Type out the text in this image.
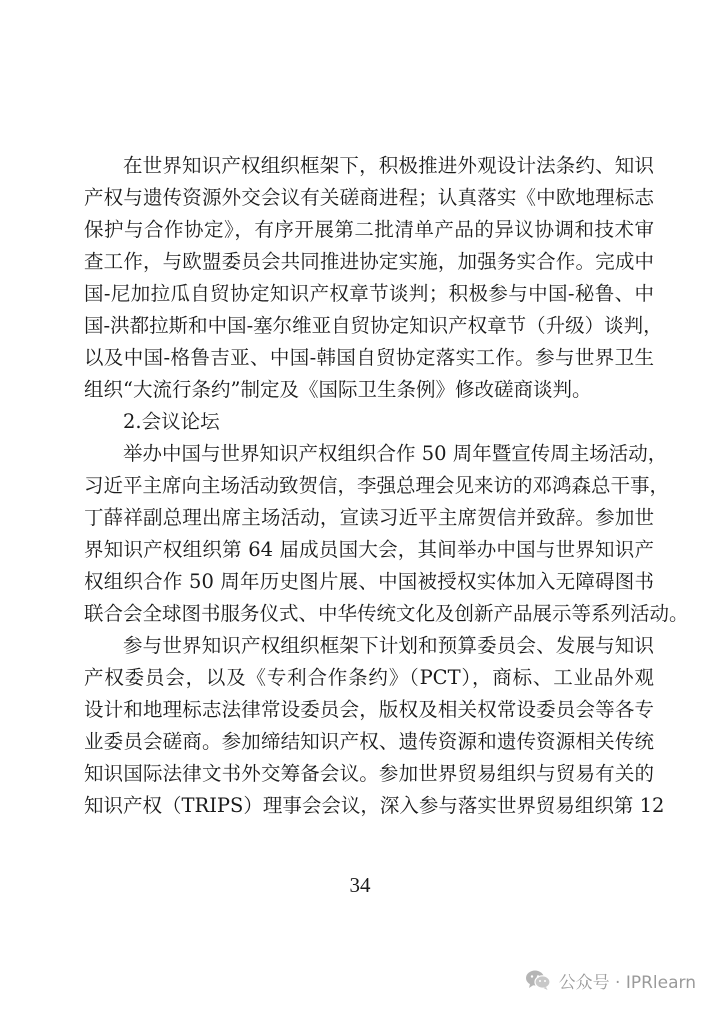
在世界知识产权组织框架下，积极推进外观设计法条约、知识
产权与遗传资源外交会议有关磋商进程；认真落实《中欧地理标志
保护与合作协定》，有序开展第二批清单产品的异议协调和技术审
查工作，与欧盟委员会共同推进协定实施，加强务实合作。完成中
国-尼加拉瓜自贸协定知识产权章节谈判；积极参与中国-秘鲁、中
国-洪都拉斯和中国-塞尔维亚自贸协定知识产权章节（升级）谈判，
以及中国-格鲁吉亚、中国-韩国自贸协定落实工作。参与世界卫生
组织“大流行条约”制定及《国际卫生条例》修改磋商谈判。
2.会议论坛
举办中国与世界知识产权组织合作 50 周年暨宣传周主场活动，
习近平主席向主场活动致贺信，李强总理会见来访的邓鸿森总干事，
丁薛祥副总理出席主场活动，宣读习近平主席贺信并致辞。参加世
界知识产权组织第 64 届成员国大会，其间举办中国与世界知识产
权组织合作 50 周年历史图片展、中国被授权实体加入无障碍图书
联合会全球图书服务仪式、中华传统文化及创新产品展示等系列活动。
参与世界知识产权组织框架下计划和预算委员会、发展与知识
产权委员会，以及《专利合作条约》（PCT），商标、工业品外观
设计和地理标志法律常设委员会，版权及相关权常设委员会等各专
业委员会磋商。参加缔结知识产权、遗传资源和遗传资源相关传统
知识国际法律文书外交筹备会议。参加世界贸易组织与贸易有关的
知识产权（TRIPS）理事会会议，深入参与落实世界贸易组织第 12
34
公众号 · IPRlearn
